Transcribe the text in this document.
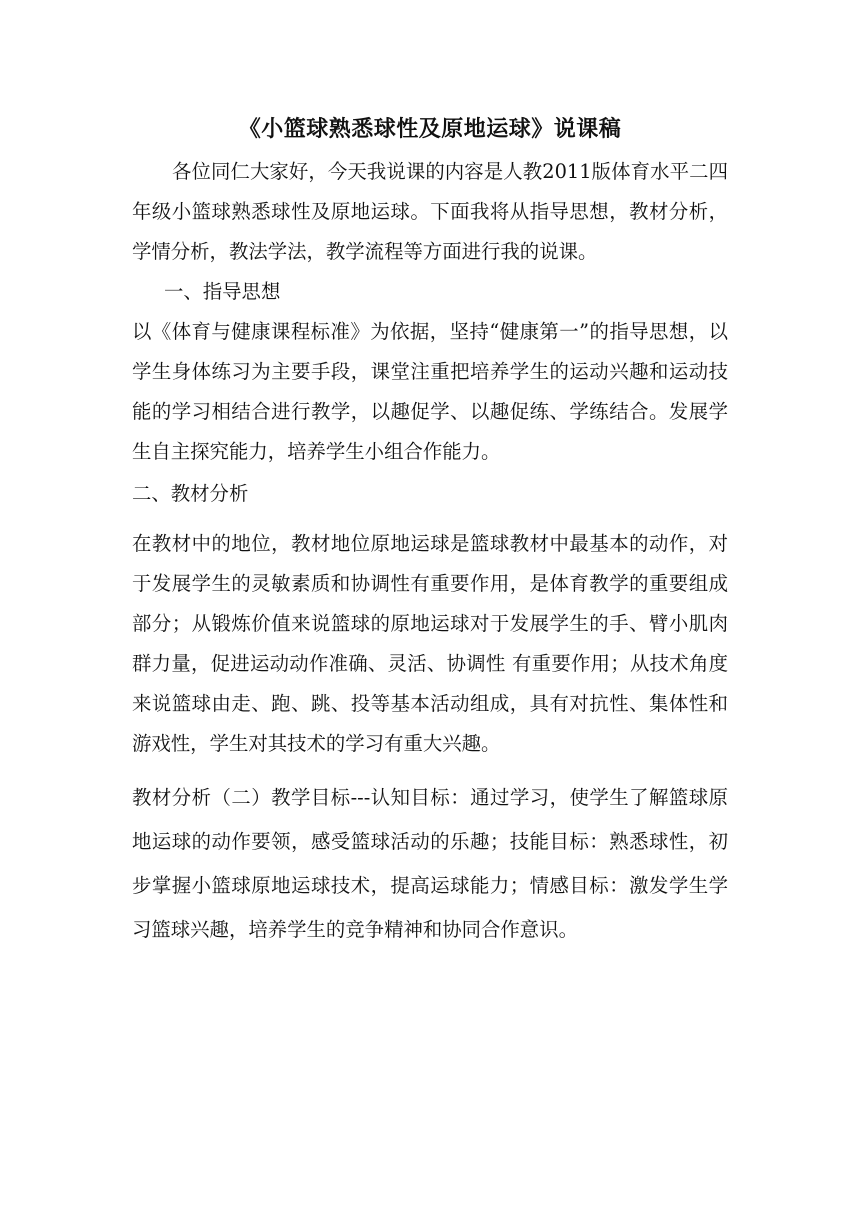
《小篮球熟悉球性及原地运球》说课稿

各位同仁大家好，今天我说课的内容是人教2011版体育水平二四年级小篮球熟悉球性及原地运球。下面我将从指导思想，教材分析，学情分析，教法学法，教学流程等方面进行我的说课。

一、指导思想

以《体育与健康课程标准》为依据，坚持“健康第一”的指导思想，以学生身体练习为主要手段，课堂注重把培养学生的运动兴趣和运动技能的学习相结合进行教学，以趣促学、以趣促练、学练结合。发展学生自主探究能力，培养学生小组合作能力。

二、教材分析

在教材中的地位，教材地位原地运球是篮球教材中最基本的动作，对于发展学生的灵敏素质和协调性有重要作用，是体育教学的重要组成部分；从锻炼价值来说篮球的原地运球对于发展学生的手、臂小肌肉群力量，促进运动动作准确、灵活、协调性 有重要作用；从技术角度来说篮球由走、跑、跳、投等基本活动组成，具有对抗性、集体性和游戏性，学生对其技术的学习有重大兴趣。

教材分析（二）教学目标---认知目标：通过学习，使学生了解篮球原地运球的动作要领，感受篮球活动的乐趣；技能目标：熟悉球性，初步掌握小篮球原地运球技术，提高运球能力；情感目标：激发学生学习篮球兴趣，培养学生的竞争精神和协同合作意识。
